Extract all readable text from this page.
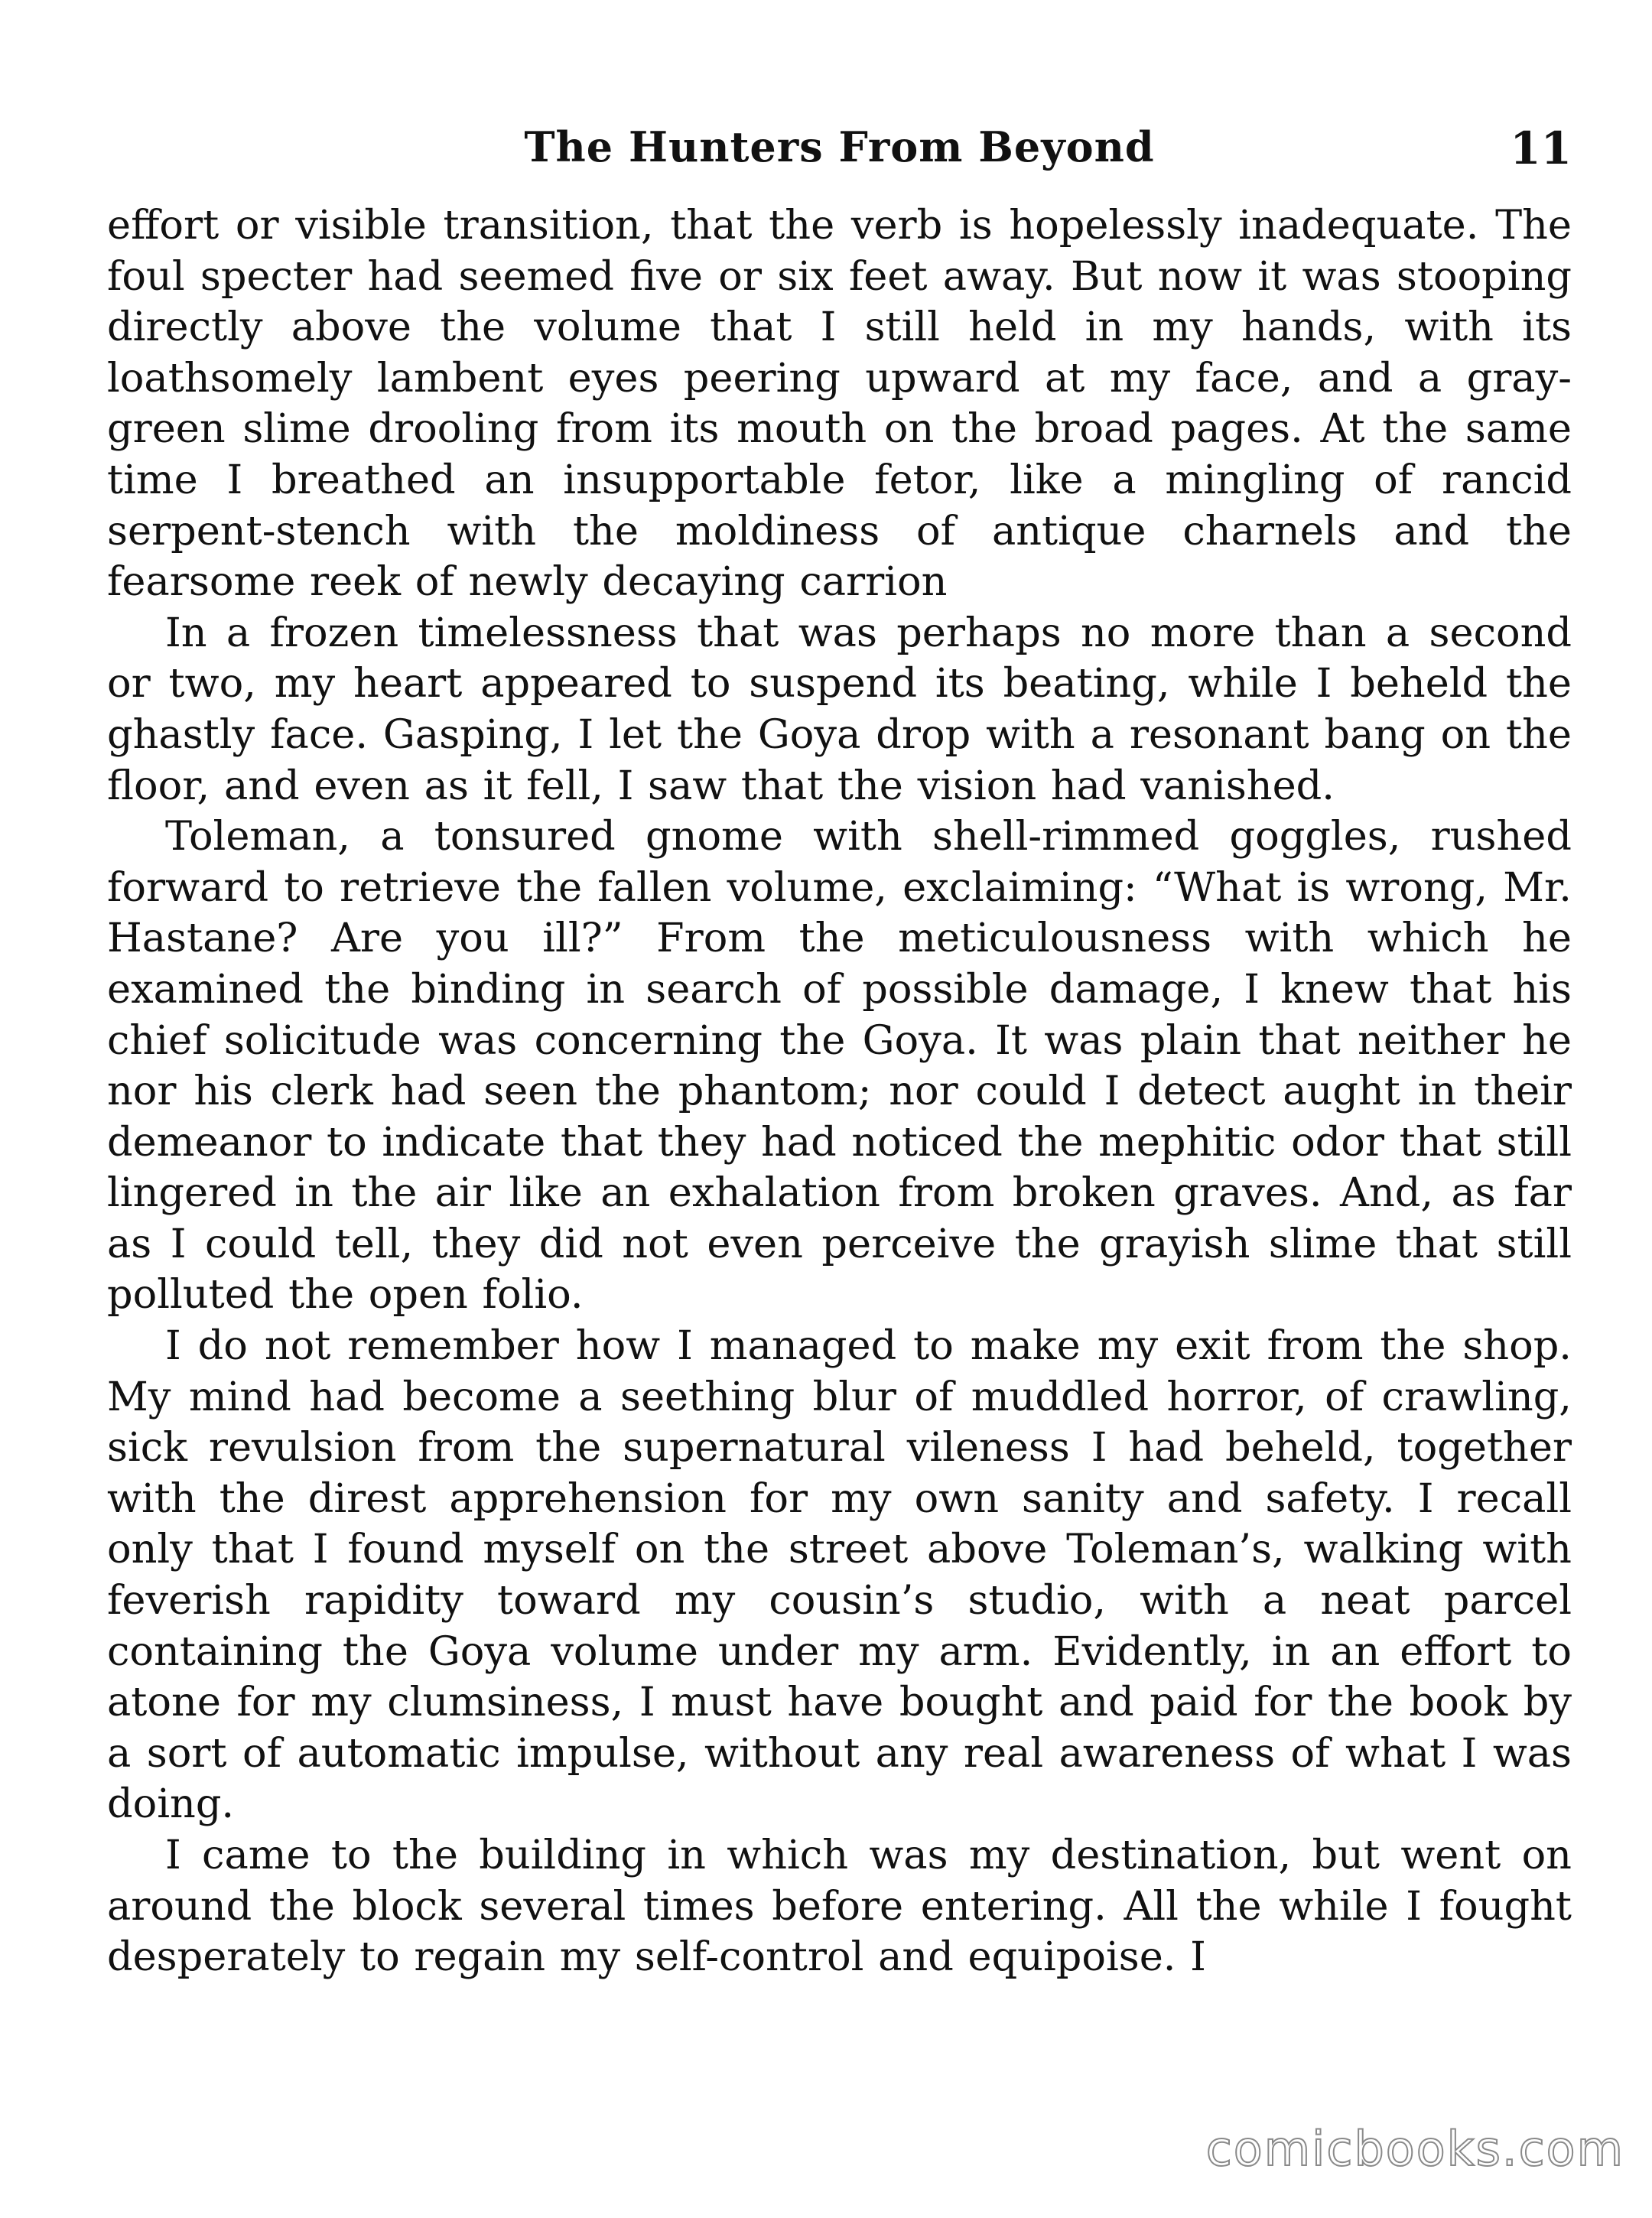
The Hunters From Beyond	11

effort or visible transition, that the verb is hopelessly inadequate. The foul specter had seemed five or six feet away. But now it was stooping directly above the volume that I still held in my hands, with its loathsomely lambent eyes peering upward at my face, and a gray-green slime drooling from its mouth on the broad pages. At the same time I breathed an insupportable fetor, like a mingling of rancid serpent-stench with the moldiness of antique charnels and the fearsome reek of newly decaying carrion

In a frozen timelessness that was perhaps no more than a second or two, my heart appeared to suspend its beating, while I beheld the ghastly face. Gasping, I let the Goya drop with a resonant bang on the floor, and even as it fell, I saw that the vision had vanished.

Toleman, a tonsured gnome with shell-rimmed goggles, rushed forward to retrieve the fallen volume, exclaiming: “What is wrong, Mr. Hastane? Are you ill?” From the meticulousness with which he examined the binding in search of possible damage, I knew that his chief solicitude was concerning the Goya. It was plain that neither he nor his clerk had seen the phantom; nor could I detect aught in their demeanor to indicate that they had noticed the mephitic odor that still lingered in the air like an exhalation from broken graves. And, as far as I could tell, they did not even perceive the grayish slime that still polluted the open folio.

I do not remember how I managed to make my exit from the shop. My mind had become a seething blur of muddled horror, of crawling, sick revulsion from the supernatural vileness I had beheld, together with the direst apprehension for my own sanity and safety. I recall only that I found myself on the street above Toleman’s, walking with feverish rapidity toward my cousin’s studio, with a neat parcel containing the Goya volume under my arm. Evidently, in an effort to atone for my clumsiness, I must have bought and paid for the book by a sort of automatic impulse, without any real awareness of what I was doing.

I came to the building in which was my destination, but went on around the block several times before entering. All the while I fought desperately to regain my self-control and equipoise. I

comicbooks.com
